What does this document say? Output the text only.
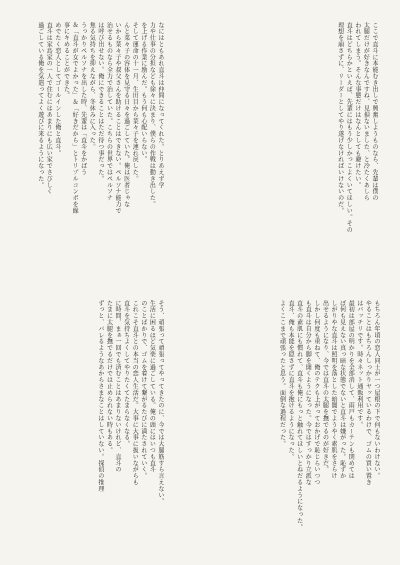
ここで直斗に本能むき出しで興奮しようものなら、先輩は僕の
太腿だけが好きなんですね、見損ないました、と冷たくあしら
われてしまう。そんな事態だけはなんとしても避けたい。
直斗はどちらかといえば、先輩にはもう少しかっこよくいてほしい。その
理想を崩さずに、リーダーとしてやり遂げなければいけないのだ。
なにはともあれ直斗は仲間になってくれた。とりあえず学
力や仕事の分担なども徐々に決まり、僕らの作戦は動き出した。
を上げる作業に励んだ。もう何も心配いらない。
そして運命の十一月、生田目から菜々子を連れ戻した。
んと菜々子の容体を見守る日々を過ごしていた。俺は医者じゃな
いから菜々子や叔父さんを助けることはできない。ペルソナ能力で
治せるものなら全力で治していた。こちらの世界ではペルソナ
は呼び出せない。俺にできることはただ待つ事だった。
焦る気持ちを抑えながら、冬休みに入った。
うっかりペルソナを出した時、先輩は「直斗をかばう
＆「直斗が女でよかった」＆「好きだから」とトリプルコンボを繰
事にキめることができた。
めでたく恋人としてゴールインした俺と直斗。
直斗は家島家の一人で住むにはあまりにも広い家でさびしく
過ごしている俺を気遣ってよく遊びに来るようになった。
もちろん年頃の恋人同士が一つ屋根の下で何もないわけない。
やることはもちろんしっかりヤッているわけで、ゴムの買い置き
はバッチリです。時々ネット通販利用です。
最初は部屋の明かりを全部消して、雨戸もカーテンも閉めては
ぼ何も見えない真っ暗な状態でないと直斗は嫌がった。恥ずか
しがりやな直斗は照明を落とした暗闇でようやく素肌をさらけ
出せるようになり、今では直斗の太腿を撫でるのが好きだ。
しかし何度も重ねて、俺のテクも上がっておかげで恥じらいつつ
も直斗は自分から脚を開くようになった。今ではすっかり立派な
直斗の素肌にも慣れて、直斗も俺にもっと触れてほしいとねだるようになった。
直斗、俺も本能を隠さずに直斗を抱けるようになった。
よくここまで頑張ったと思う。面倒な過程だった。
そう、頑張って頑張ってやってきたのに、今では大腿筋すら言えない。
生活に困るほど気楽に過ごしている。俺の頭にはいつも直斗
のことばかりで、ゴムを着けて繋がるたびに満たされていく。
これこそ直斗との本当の恋人生活だ。大事に大事に扱いながらも
直斗を気持ちよくしてやりたくてたまらなくなる。
に時間、まぁ一回でも済むことはあまりないけれど、直斗の
たまに太腿を撫でるだけでは止められない時もある。
ずっと、バレるようなあからさまなことはしていない。探偵の推理
